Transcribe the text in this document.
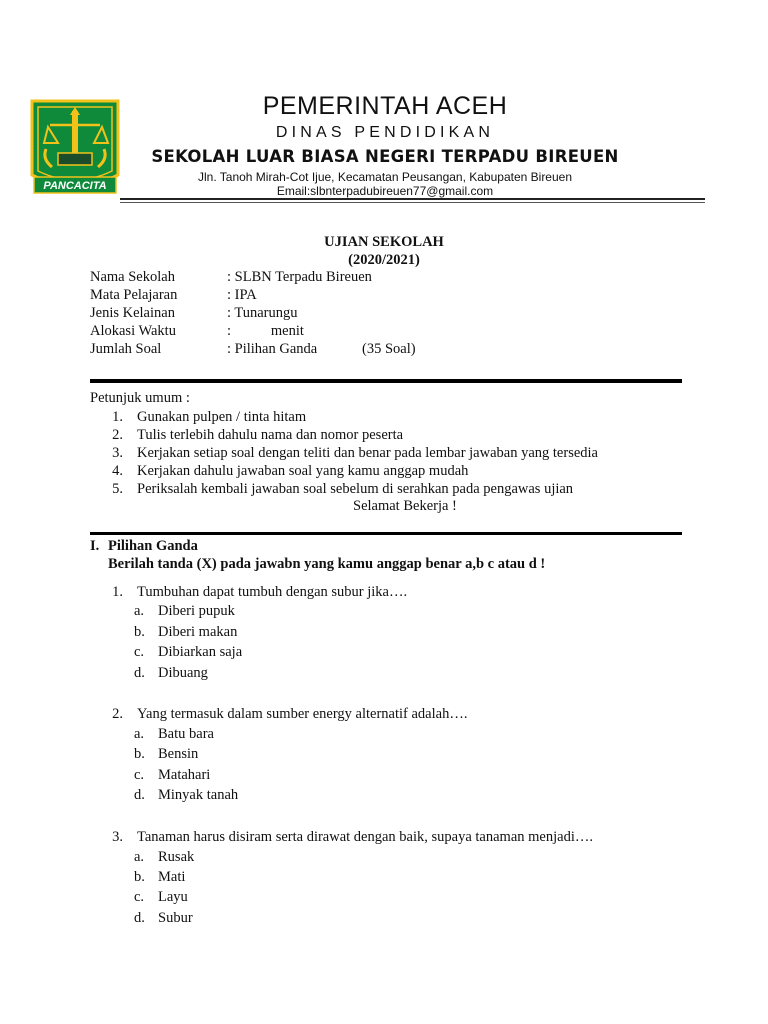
PANCACITA
PEMERINTAH ACEH
DINAS PENDIDIKAN
SEKOLAH LUAR BIASA NEGERI TERPADU BIREUEN
Jln. Tanoh Mirah-Cot Ijue, Kecamatan Peusangan, Kabupaten Bireuen
Email:slbnterpadubireuen77@gmail.com
UJIAN SEKOLAH
(2020/2021)
Nama Sekolah	: SLBN Terpadu Bireuen
Mata Pelajaran	: IPA
Jenis Kelainan	: Tunarungu
Alokasi Waktu	:           menit
Jumlah Soal	: Pilihan Ganda	(35 Soal)
Petunjuk umum :
1. Gunakan pulpen / tinta hitam
2. Tulis terlebih dahulu nama dan nomor peserta
3. Kerjakan setiap soal dengan teliti dan benar pada lembar jawaban yang tersedia
4. Kerjakan dahulu jawaban soal yang kamu anggap mudah
5. Periksalah kembali jawaban soal sebelum di serahkan pada pengawas ujian
Selamat Bekerja !
I. Pilihan Ganda
Berilah tanda (X) pada jawabn yang kamu anggap benar a,b c atau d !
1. Tumbuhan dapat tumbuh dengan subur jika….
a. Diberi pupuk
b. Diberi makan
c. Dibiarkan saja
d. Dibuang
2. Yang termasuk dalam sumber energy alternatif adalah….
a. Batu bara
b. Bensin
c. Matahari
d. Minyak tanah
3. Tanaman harus disiram serta dirawat dengan baik, supaya tanaman menjadi….
a. Rusak
b. Mati
c. Layu
d. Subur
